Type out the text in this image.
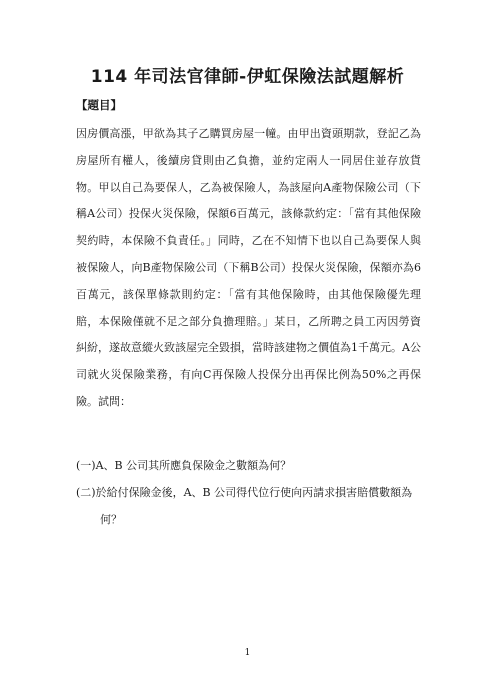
114 年司法官律師-伊虹保險法試題解析
【題目】

因房價高漲，甲欲為其子乙購買房屋一幢。由甲出資頭期款，登記乙為房屋所有權人，後續房貸則由乙負擔，並約定兩人一同居住並存放貨物。甲以自己為要保人，乙為被保險人，為該屋向A產物保險公司（下稱A公司）投保火災保險，保額6百萬元，該條款約定：「當有其他保險契約時，本保險不負責任。」同時，乙在不知情下也以自己為要保人與被保險人，向B產物保險公司（下稱B公司）投保火災保險，保額亦為6百萬元，該保單條款則約定：「當有其他保險時，由其他保險優先理賠，本保險僅就不足之部分負擔理賠。」某日，乙所聘之員工丙因勞資糾紛，遂故意縱火致該屋完全毀損，當時該建物之價值為1千萬元。A公司就火災保險業務，有向C再保險人投保分出再保比例為50%之再保險。試問：

(一)A、B 公司其所應負保險金之數額為何？

(二)於給付保險金後，A、B 公司得代位行使向丙請求損害賠償數額為何？

1
